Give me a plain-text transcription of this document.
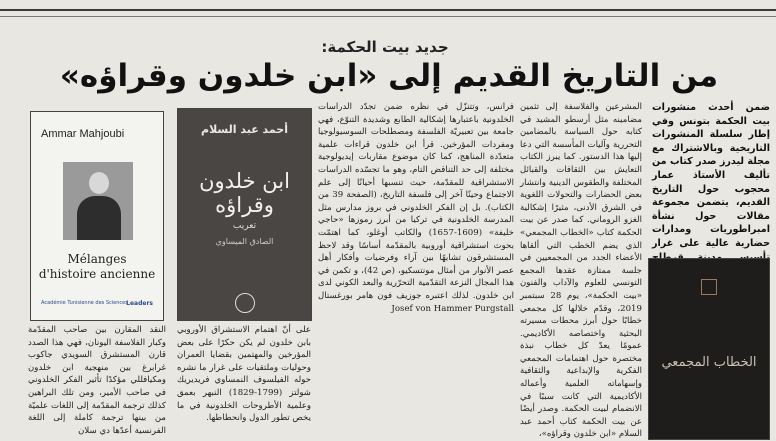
جديد بيت الحكمة:
من التاريخ القديم إلى «ابن خلدون وقراؤه»

ضمن أحدث منشورات بيت الحكمة بتونس وفي إطار سلسلة المنشورات التاريخية وبالاشتراك مع مجلة ليدرز صدر كتاب من تأليف الأستاذ عمار محجوب حول التاريخ القديم، يتضمن مجموعة مقالات حول نشأة امبراطوريات ومدارات حضارية عالية على غرار

الخطاب المجمعي

المشرعين والفلاسفة إلى تثمين مضامينه مثل أرسطو المشيد في كتابه حول السياسة بالمضامين التحررية وآليات المأسسة التي دعا إليها هذا الدستور. كما يبرز الكتاب التعايش بين الثقافات والقبائل المختلفة والطقوس الدينية وانتشار بعض الحضارات والتحولات اللغوية في الشرق الأدنى، مثيرًا إشكالية الغزو الروماني. كما صدر عن بيت الحكمة كتاب «الخطاب المجمعي» الذي يضم الخطب التي ألقاها الأعضاء الجدد من المجمعيين في جلسة ممتازة عقدها المجمع التونسي للعلوم والآداب والفنون «بيت الحكمة»، يوم 28 سبتمبر 2019، وقدّم خلالها كل مجمعي خطابًا حول أبرز محطات مسيرته البحثية واختصاصه الأكاديمي. عمومًا يعدّ كل خطاب نبذة مختصرة حول اهتمامات المجمعي الفكرية والإبداعية والثقافية وإسهاماته العلمية وأعماله الأكاديمية التي كانت سببًا في الانضمام لبيت الحكمة. وصدر أيضًا عن بيت الحكمة كتاب أحمد عبد السلام «ابن خلدون وقراؤه»،

فرانس، وتتنزّل في نظره ضمن تجدّد الدراسات الخلدونية باعتبارها إشكالية الطابع وشديدة التنوّع، فهي جامعة بين تعبيريّة الفلسفة ومصطلحات السوسيولوجيا ومفردات المؤرخين. قرأ ابن خلدون قراءات علمية متعدّدة المناهج، كما كان موضوع مقاربات إيديولوجية مختلفة إلى حد التناقض التام، وهو ما تجسّده الدراسات الاستشراقية للمقدّمة، حيث تنسبها أحيانًا إلى علم الاجتماع وحينًا آخر إلى فلسفة التاريخ، (الصفحة 39 من الكتاب). بل إن الفكر الخلدوني في بروز مدارس مثل المدرسة الخلدونية في تركيا من أبرز رموزها «حاجي خليفة» (1609-1657) والكاتب أوغلو، كما اهتمّت بحوث استشراقية أوروبية بالمقدّمة أساسًا وقد لاحظ المستشرقون تشابهًا بين آراء وفرضيات وأفكار أهل عصر الأنوار من أمثال مونتسكيو، (ص 42)، و تكمن في هذا المجال النزعة التقدّمية التحرّرية والبعد الكوني لدى ابن خلدون. لذلك اعتبره جوزيف فون هامر بورغستال Josef von Hammer Purgstall

أحمد عبد السلام
ابن خلدون وقراؤه
تعريب
الصادق الميساوي
Ammar Mahjoubi
Mélanges
d'histoire ancienne
Académie Tunisienne des Sciences
Leaders

على أنّ اهتمام الاستشراق الأوروبي بابن خلدون لم يكن حكرًا على بعض المؤرخين والمهتمين بقضايا العمران وحوليات وملتقيات على غرار ما نشره حوله الفيلسوف النمساوي فريديريك شولتز (1799-1829) النبهر بعمق وعلمية الأطروحات الخلدونية في ما يخص تطور الدول وانحطاطها.

النقد المقارن بين صاحب المقدّمة وكبار الفلاسفة اليونان، فهي هذا الصدد قارن المستشرق السويدي جاكوب غرابرغ بين منهجية ابن خلدون ومكيافللي مؤكدًا تأثير الفكر الخلدوني في صاحب الأمير، ومن تلك البراهين كذلك ترجمة المقدّمة إلى اللغات علميّة من بينها ترجمة كاملة إلى اللغة الفرنسية أعدّها دي سلان
